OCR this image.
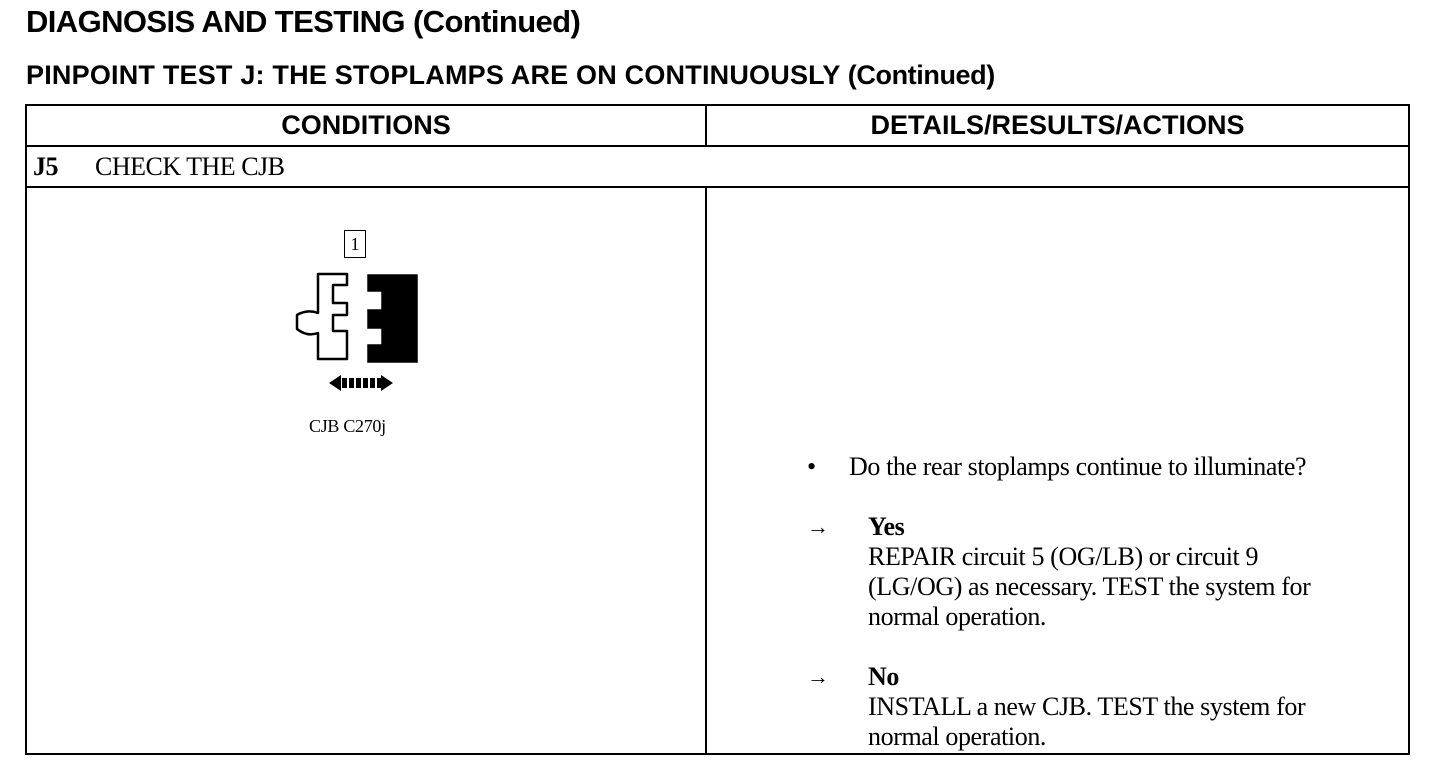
DIAGNOSIS AND TESTING (Continued)
PINPOINT TEST J: THE STOPLAMPS ARE ON CONTINUOUSLY (Continued)
CONDITIONS	DETAILS/RESULTS/ACTIONS
J5 CHECK THE CJB
1
CJB C270j
• Do the rear stoplamps continue to illuminate?
→ Yes
REPAIR circuit 5 (OG/LB) or circuit 9
(LG/OG) as necessary. TEST the system for
normal operation.
→ No
INSTALL a new CJB. TEST the system for
normal operation.
